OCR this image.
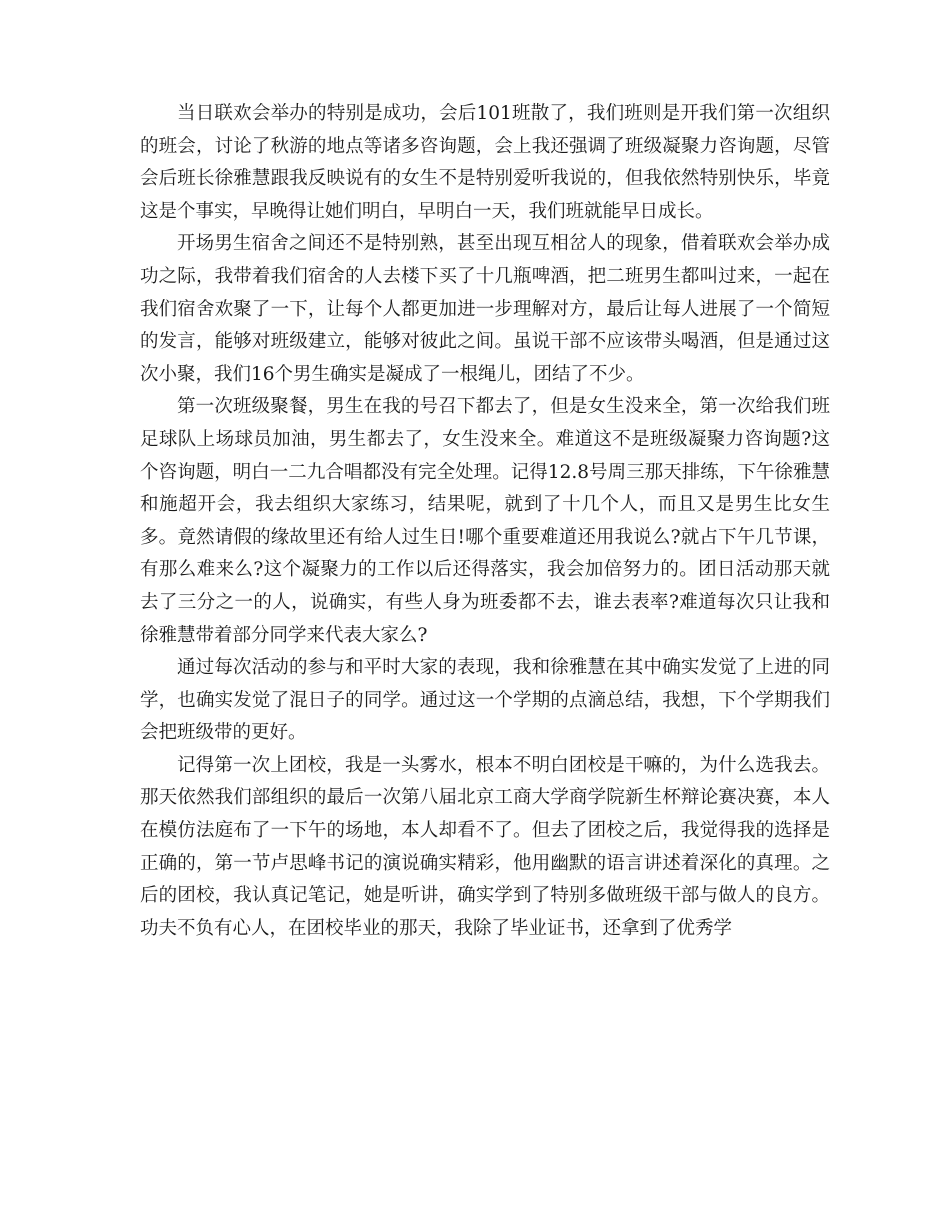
当日联欢会举办的特别是成功，会后101班散了，我们班则是开我们第一次组织的班会，讨论了秋游的地点等诸多咨询题，会上我还强调了班级凝聚力咨询题，尽管会后班长徐雅慧跟我反映说有的女生不是特别爱听我说的，但我依然特别快乐，毕竟这是个事实，早晚得让她们明白，早明白一天，我们班就能早日成长。

开场男生宿舍之间还不是特别熟，甚至出现互相岔人的现象，借着联欢会举办成功之际，我带着我们宿舍的人去楼下买了十几瓶啤酒，把二班男生都叫过来，一起在我们宿舍欢聚了一下，让每个人都更加进一步理解对方，最后让每人进展了一个简短的发言，能够对班级建立，能够对彼此之间。虽说干部不应该带头喝酒，但是通过这次小聚，我们16个男生确实是凝成了一根绳儿，团结了不少。

第一次班级聚餐，男生在我的号召下都去了，但是女生没来全，第一次给我们班足球队上场球员加油，男生都去了，女生没来全。难道这不是班级凝聚力咨询题?这个咨询题，明白一二九合唱都没有完全处理。记得12.8号周三那天排练，下午徐雅慧和施超开会，我去组织大家练习，结果呢，就到了十几个人，而且又是男生比女生多。竟然请假的缘故里还有给人过生日!哪个重要难道还用我说么?就占下午几节课，有那么难来么?这个凝聚力的工作以后还得落实，我会加倍努力的。团日活动那天就去了三分之一的人，说确实，有些人身为班委都不去，谁去表率?难道每次只让我和徐雅慧带着部分同学来代表大家么?

通过每次活动的参与和平时大家的表现，我和徐雅慧在其中确实发觉了上进的同学，也确实发觉了混日子的同学。通过这一个学期的点滴总结，我想，下个学期我们会把班级带的更好。

记得第一次上团校，我是一头雾水，根本不明白团校是干嘛的，为什么选我去。那天依然我们部组织的最后一次第八届北京工商大学商学院新生杯辩论赛决赛，本人在模仿法庭布了一下午的场地，本人却看不了。但去了团校之后，我觉得我的选择是正确的，第一节卢思峰书记的演说确实精彩，他用幽默的语言讲述着深化的真理。之后的团校，我认真记笔记，她是听讲，确实学到了特别多做班级干部与做人的良方。功夫不负有心人，在团校毕业的那天，我除了毕业证书，还拿到了优秀学
